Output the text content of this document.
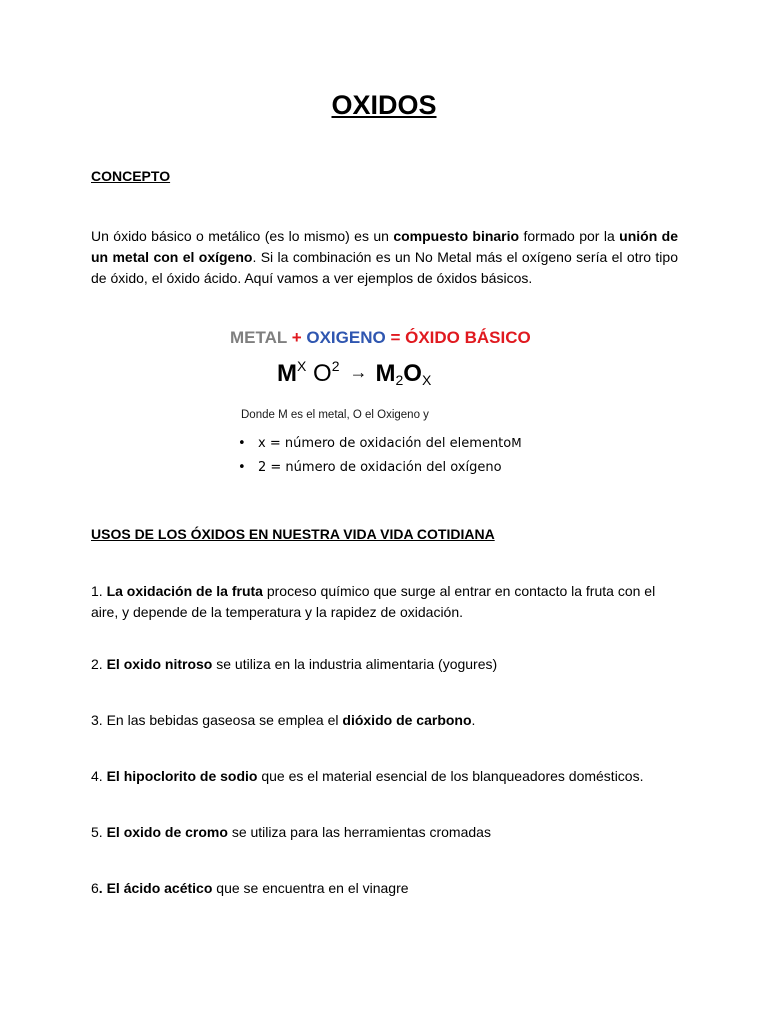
OXIDOS
CONCEPTO
Un óxido básico o metálico (es lo mismo) es un compuesto binario formado por la unión de un metal con el oxígeno. Si la combinación es un No Metal más el oxígeno sería el otro tipo de óxido, el óxido ácido. Aquí vamos a ver ejemplos de óxidos básicos.
METAL + OXIGENO = ÓXIDO BÁSICO
$M^X$ $O^2 \to M_2O_X$
Donde M es el metal, O el Oxigeno y
• x = número de oxidación del elementoM
• 2 = número de oxidación del oxígeno
USOS DE LOS ÓXIDOS EN NUESTRA VIDA VIDA COTIDIANA
1. La oxidación de la fruta proceso químico que surge al entrar en contacto la fruta con el aire, y depende de la temperatura y la rapidez de oxidación.
2. El oxido nitroso se utiliza en la industria alimentaria (yogures)
3. En las bebidas gaseosa se emplea el dióxido de carbono.
4. El hipoclorito de sodio que es el material esencial de los blanqueadores domésticos.
5. El oxido de cromo se utiliza para las herramientas cromadas
6. El ácido acético que se encuentra en el vinagre
